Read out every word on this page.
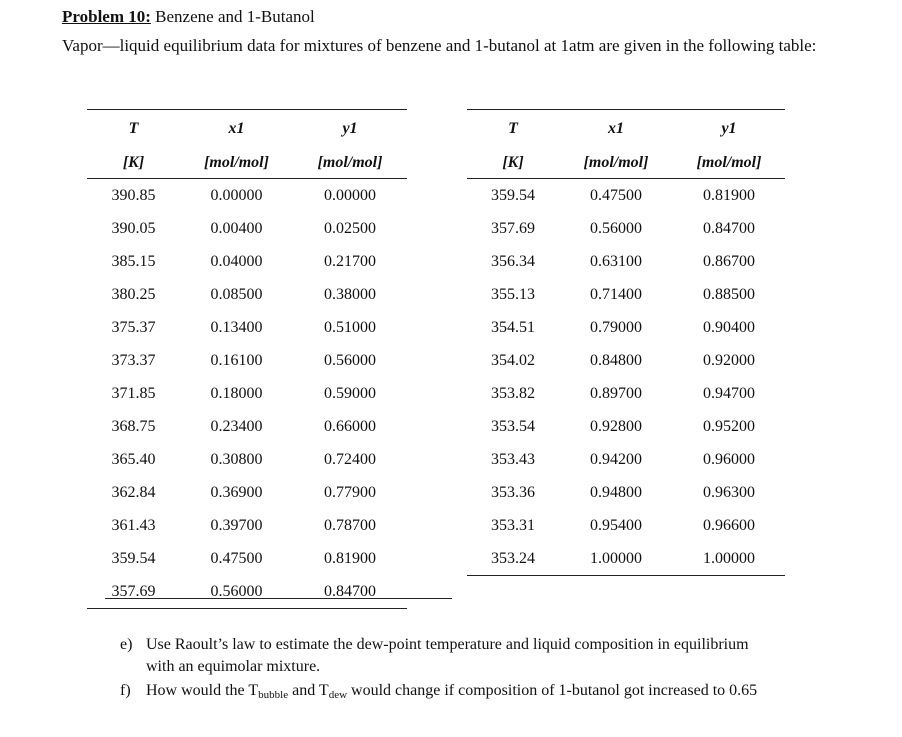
Problem 10: Benzene and 1-Butanol
Vapor—liquid equilibrium data for mixtures of benzene and 1-butanol at 1atm are given in the following table:
T	x1	y1
[K]	[mol/mol]	[mol/mol]
390.85	0.00000	0.00000
390.05	0.00400	0.02500
385.15	0.04000	0.21700
380.25	0.08500	0.38000
375.37	0.13400	0.51000
373.37	0.16100	0.56000
371.85	0.18000	0.59000
368.75	0.23400	0.66000
365.40	0.30800	0.72400
362.84	0.36900	0.77900
361.43	0.39700	0.78700
359.54	0.47500	0.81900
357.69	0.56000	0.84700
T	x1	y1
[K]	[mol/mol]	[mol/mol]
359.54	0.47500	0.81900
357.69	0.56000	0.84700
356.34	0.63100	0.86700
355.13	0.71400	0.88500
354.51	0.79000	0.90400
354.02	0.84800	0.92000
353.82	0.89700	0.94700
353.54	0.92800	0.95200
353.43	0.94200	0.96000
353.36	0.94800	0.96300
353.31	0.95400	0.96600
353.24	1.00000	1.00000
e) Use Raoult’s law to estimate the dew-point temperature and liquid composition in equilibrium with an equimolar mixture.
f) How would the $T_{bubble}$ and $T_{dew}$ would change if composition of 1-butanol got increased to 0.65
